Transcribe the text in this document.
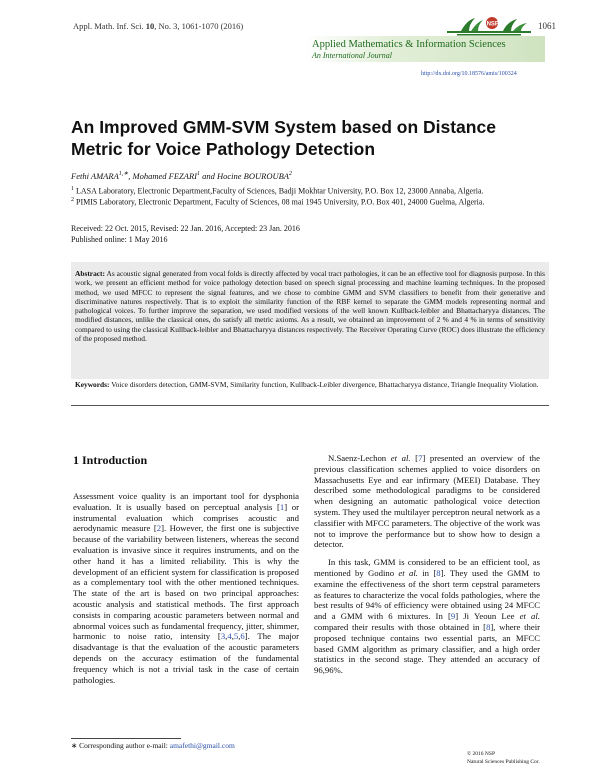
Appl. Math. Inf. Sci. 10, No. 3, 1061-1070 (2016)	NSP	1061
Applied Mathematics & Information Sciences
An International Journal
http://dx.doi.org/10.18576/amis/100324
An Improved GMM-SVM System based on Distance Metric for Voice Pathology Detection
Fethi $AMARA^{1,∗}$, Mohamed FEZARI$^1$ and Hocine BOUROUBA$^2$
$^1$ LASA Laboratory, Electronic Department,Faculty of Sciences, Badji Mokhtar University, P.O. Box 12, 23000 Annaba, Algeria.
$^2$ PIMIS Laboratory, Electronic Department, Faculty of Sciences, 08 mai 1945 University, P.O. Box 401, 24000 Guelma, Algeria.
Received: 22 Oct. 2015, Revised: 22 Jan. 2016, Accepted: 23 Jan. 2016
Published online: 1 May 2016
Abstract: As acoustic signal generated from vocal folds is directly affected by vocal tract pathologies, it can be an effective tool for diagnosis purpose. In this work, we present an efficient method for voice pathology detection based on speech signal processing and machine learning techniques. In the proposed method, we used MFCC to represent the signal features, and we chose to combine GMM and SVM classifiers to benefit from their generative and discriminative natures respectively. That is to exploit the similarity function of the RBF kernel to separate the GMM models representing normal and pathological voices. To further improve the separation, we used modified versions of the well known Kullback-leibler and Bhattacharyya distances. The modified distances, unlike the classical ones, do satisfy all metric axioms. As a result, we obtained an improvement of 2 % and 4 % in terms of sensitivity compared to using the classical Kullback-leibler and Bhattacharyya distances respectively. The Receiver Operating Curve (ROC) does illustrate the efficiency of the proposed method.
Keywords: Voice disorders detection, GMM-SVM, Similarity function, Kullback-Leibler divergence, Bhattacharyya distance, Triangle Inequality Violation.
1 Introduction

Assessment voice quality is an important tool for dysphonia evaluation. It is usually based on perceptual analysis [1] or instrumental evaluation which comprises acoustic and aerodynamic measure [2]. However, the first one is subjective because of the variability between listeners, whereas the second evaluation is invasive since it requires instruments, and on the other hand it has a limited reliability. This is why the development of an efficient system for classification is proposed as a complementary tool with the other mentioned techniques. The state of the art is based on two principal approaches: acoustic analysis and statistical methods. The first approach consists in comparing acoustic parameters between normal and abnormal voices such as fundamental frequency, jitter, shimmer, harmonic to noise ratio, intensity [3,4,5,6]. The major disadvantage is that the evaluation of the acoustic parameters depends on the accuracy estimation of the fundamental frequency which is not a trivial task in the case of certain pathologies.

N.Saenz-Lechon et al. [7] presented an overview of the previous classification schemes applied to voice disorders on Massachusetts Eye and ear infirmary (MEEI) Database. They described some methodological paradigms to be considered when designing an automatic pathological voice detection system. They used the multilayer perceptron neural network as a classifier with MFCC parameters. The objective of the work was not to improve the performance but to show how to design a detector.

In this task, GMM is considered to be an efficient tool, as mentioned by Godino et al. in [8]. They used the GMM to examine the effectiveness of the short term cepstral parameters as features to characterize the vocal folds pathologies, where the best results of 94% of efficiency were obtained using 24 MFCC and a GMM with 6 mixtures. In [9] Ji Yeoun Lee et al. compared their results with those obtained in [8], where their proposed technique contains two essential parts, an MFCC based GMM algorithm as primary classifier, and a high order statistics in the second stage. They attended an accuracy of 96,96%.

∗ Corresponding author e-mail: amafethi@gmail.com
© 2016 NSP
Natural Sciences Publishing Cor.
